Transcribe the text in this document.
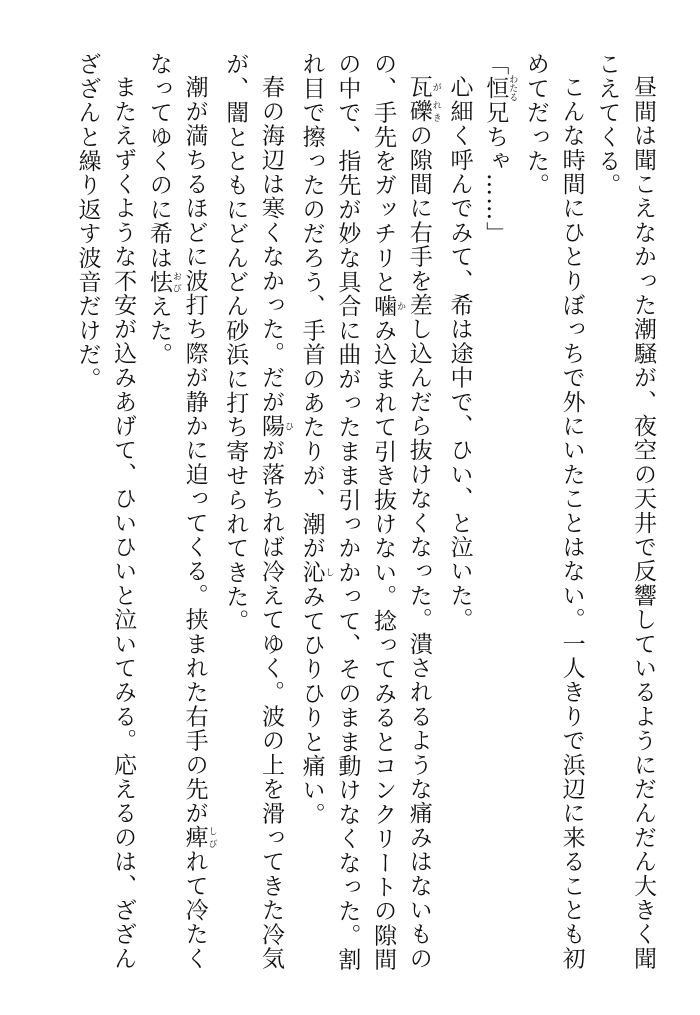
昼間は聞こえなかった潮騒が、夜空の天井で反響しているようにだんだん大きく聞こえてくる。

こんな時間にひとりぼっちで外にいたことはない。一人きりで浜辺に来ることも初めてだった。

「恒 わたる兄ちゃ……」

心細く呼んでみて、希は途中で、ひい、と泣いた。

瓦 が礫 れきの隙間に右手を差し込んだら抜けなくなった。潰されるような痛みはないものの、手先をガッチリと噛 かみ込まれて引き抜けない。捻ってみるとコンクリートの隙間の中で、指先が妙な具合に曲がったまま引っかかって、そのまま動けなくなった。割れ目で擦ったのだろう、手首のあたりが、潮が沁 しみてひりひりと痛い。

春の海辺は寒くなかった。だが陽 ひが落ちれば冷えてゆく。波の上を滑ってきた冷気が、闇とともにどんどん砂浜に打ち寄せられてきた。

潮が満ちるほどに波打ち際が静かに迫ってくる。挟まれた右手の先が痺 しびれて冷たくなってゆくのに希は怯 おびえた。

またえずくような不安が込みあげて、ひいひいと泣いてみる。応えるのは、ざざんざざんと繰り返す波音だけだ。
